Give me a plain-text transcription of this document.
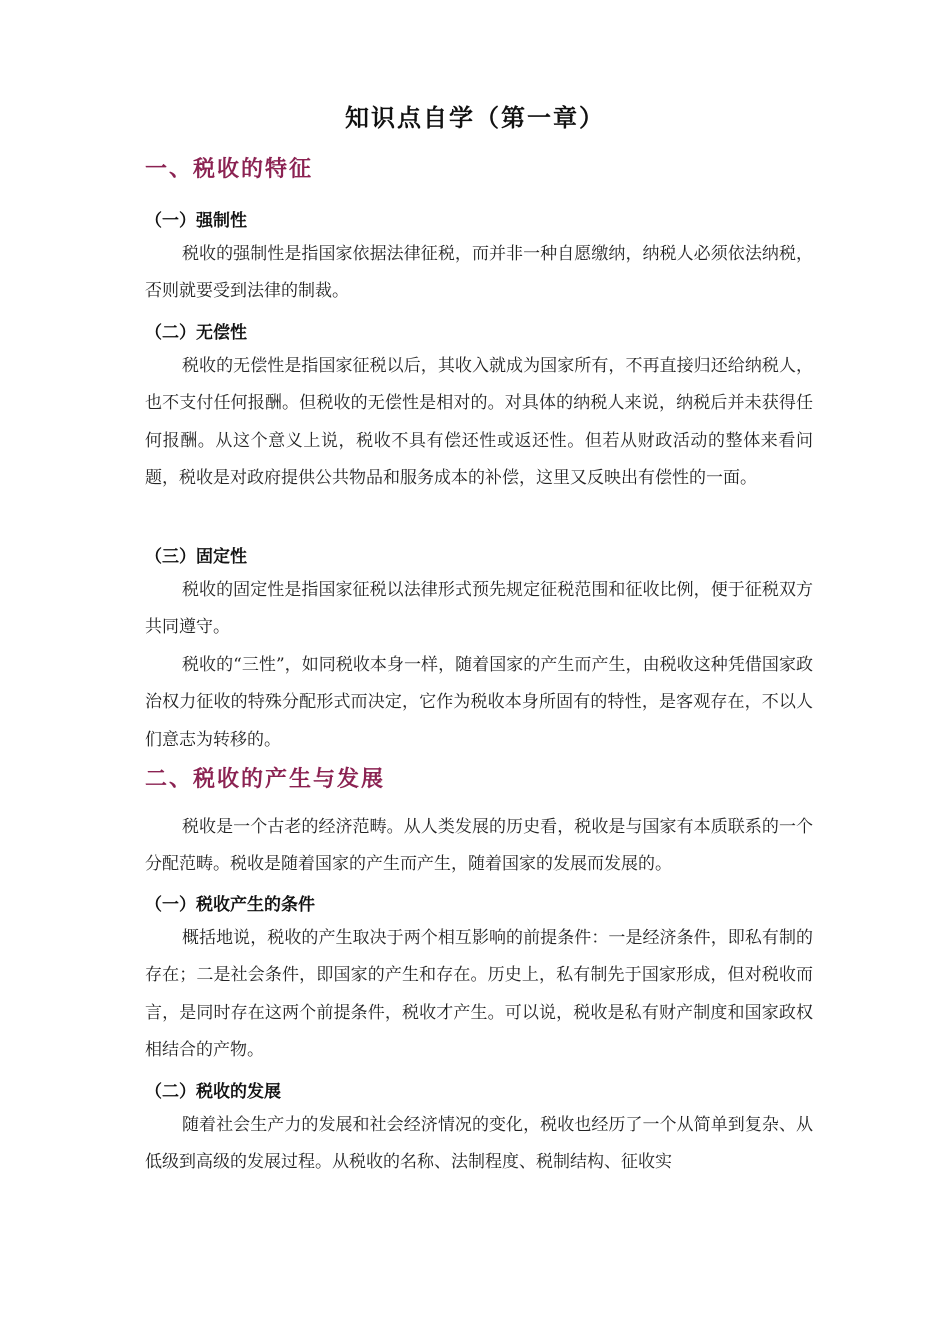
知识点自学（第一章）
一、税收的特征
（一）强制性
税收的强制性是指国家依据法律征税，而并非一种自愿缴纳，纳税人必须依法纳税，否则就要受到法律的制裁。
（二）无偿性
税收的无偿性是指国家征税以后，其收入就成为国家所有，不再直接归还给纳税人，也不支付任何报酬。但税收的无偿性是相对的。对具体的纳税人来说，纳税后并未获得任何报酬。从这个意义上说，税收不具有偿还性或返还性。但若从财政活动的整体来看问题，税收是对政府提供公共物品和服务成本的补偿，这里又反映出有偿性的一面。
（三）固定性
税收的固定性是指国家征税以法律形式预先规定征税范围和征收比例，便于征税双方共同遵守。
税收的“三性”，如同税收本身一样，随着国家的产生而产生，由税收这种凭借国家政治权力征收的特殊分配形式而决定，它作为税收本身所固有的特性，是客观存在，不以人们意志为转移的。
二、税收的产生与发展
税收是一个古老的经济范畴。从人类发展的历史看，税收是与国家有本质联系的一个分配范畴。税收是随着国家的产生而产生，随着国家的发展而发展的。
（一）税收产生的条件
概括地说，税收的产生取决于两个相互影响的前提条件：一是经济条件，即私有制的存在；二是社会条件，即国家的产生和存在。历史上，私有制先于国家形成，但对税收而言，是同时存在这两个前提条件，税收才产生。可以说，税收是私有财产制度和国家政权相结合的产物。
（二）税收的发展
随着社会生产力的发展和社会经济情况的变化，税收也经历了一个从简单到复杂、从低级到高级的发展过程。从税收的名称、法制程度、税制结构、征收实
